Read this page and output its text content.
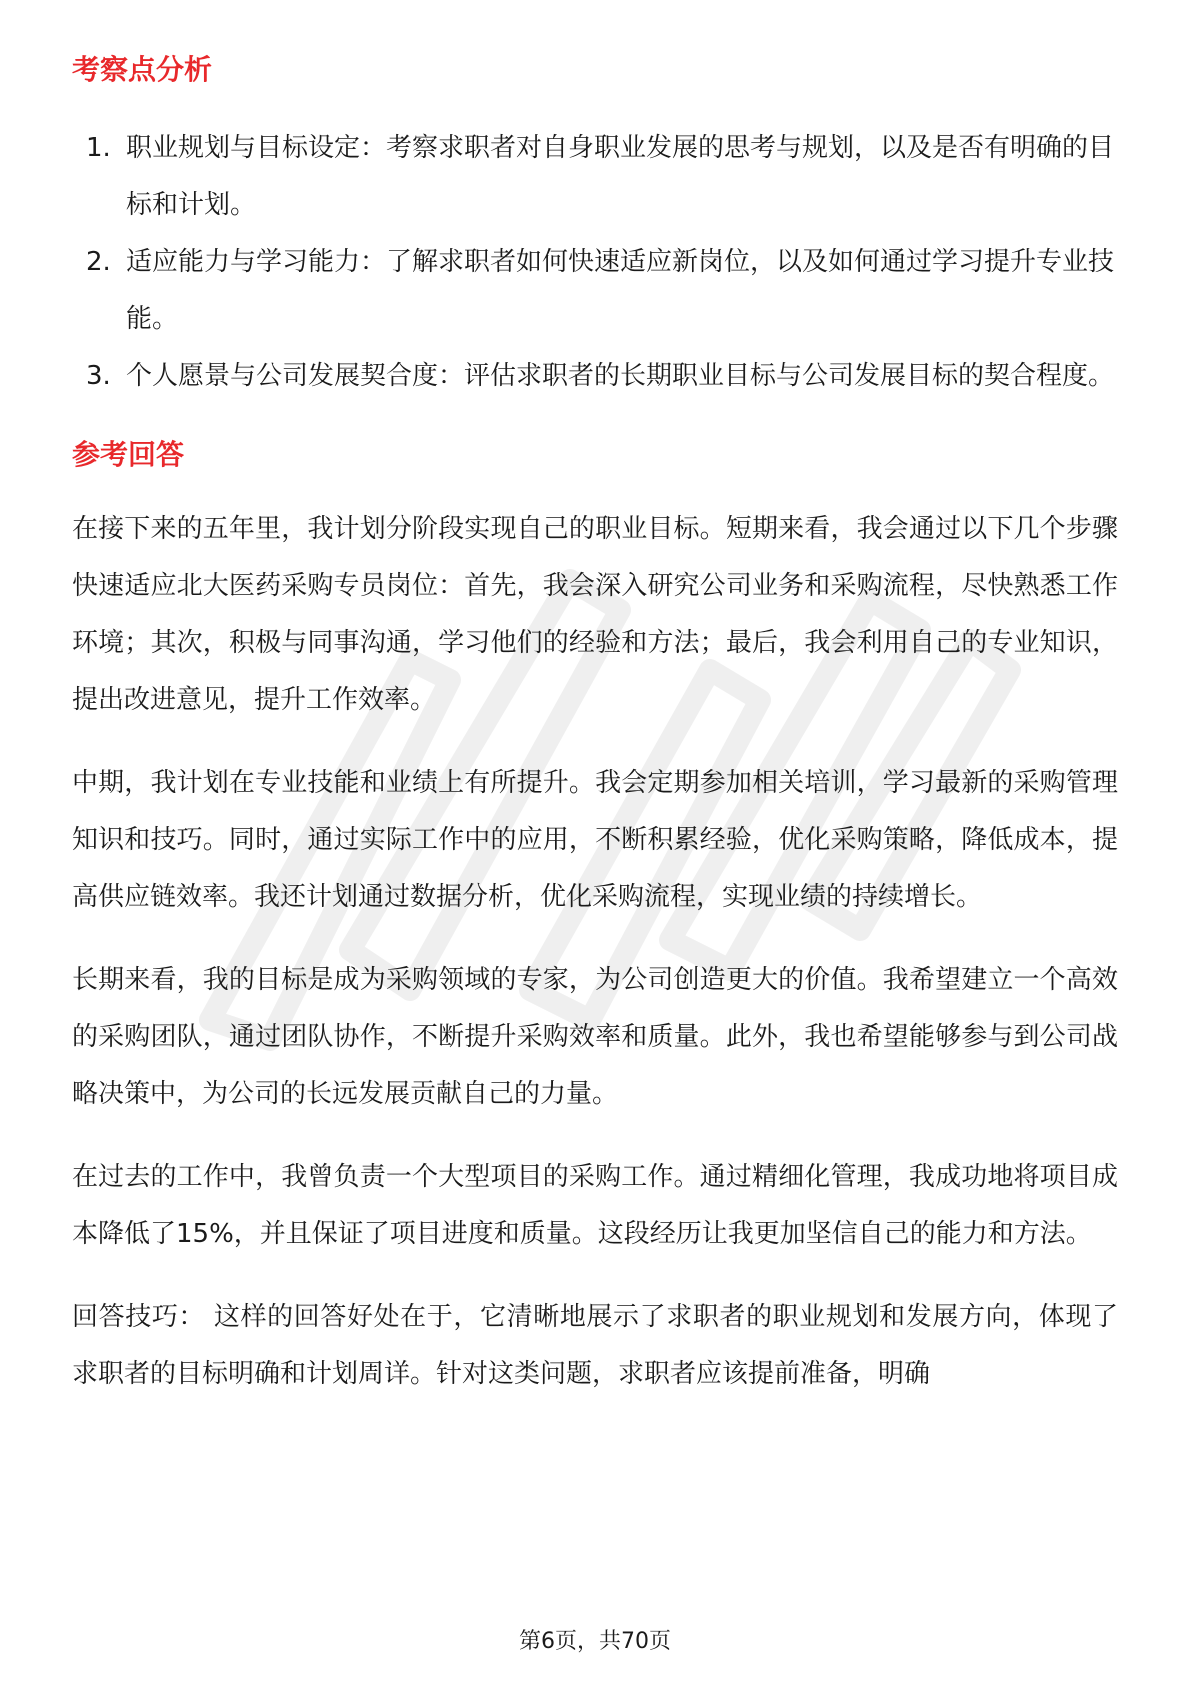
考察点分析
1. 职业规划与目标设定：考察求职者对自身职业发展的思考与规划，以及是否有明确的目标和计划。
2. 适应能力与学习能力：了解求职者如何快速适应新岗位，以及如何通过学习提升专业技能。
3. 个人愿景与公司发展契合度：评估求职者的长期职业目标与公司发展目标的契合程度。
参考回答

在接下来的五年里，我计划分阶段实现自己的职业目标。短期来看，我会通过以下几个步骤快速适应北大医药采购专员岗位：首先，我会深入研究公司业务和采购流程，尽快熟悉工作环境；其次，积极与同事沟通，学习他们的经验和方法；最后，我会利用自己的专业知识，提出改进意见，提升工作效率。

中期，我计划在专业技能和业绩上有所提升。我会定期参加相关培训，学习最新的采购管理知识和技巧。同时，通过实际工作中的应用，不断积累经验，优化采购策略，降低成本，提高供应链效率。我还计划通过数据分析，优化采购流程，实现业绩的持续增长。

长期来看，我的目标是成为采购领域的专家，为公司创造更大的价值。我希望建立一个高效的采购团队，通过团队协作，不断提升采购效率和质量。此外，我也希望能够参与到公司战略决策中，为公司的长远发展贡献自己的力量。

在过去的工作中，我曾负责一个大型项目的采购工作。通过精细化管理，我成功地将项目成本降低了15%，并且保证了项目进度和质量。这段经历让我更加坚信自己的能力和方法。

回答技巧： 这样的回答好处在于，它清晰地展示了求职者的职业规划和发展方向，体现了求职者的目标明确和计划周详。针对这类问题，求职者应该提前准备，明确

第6页，共70页
